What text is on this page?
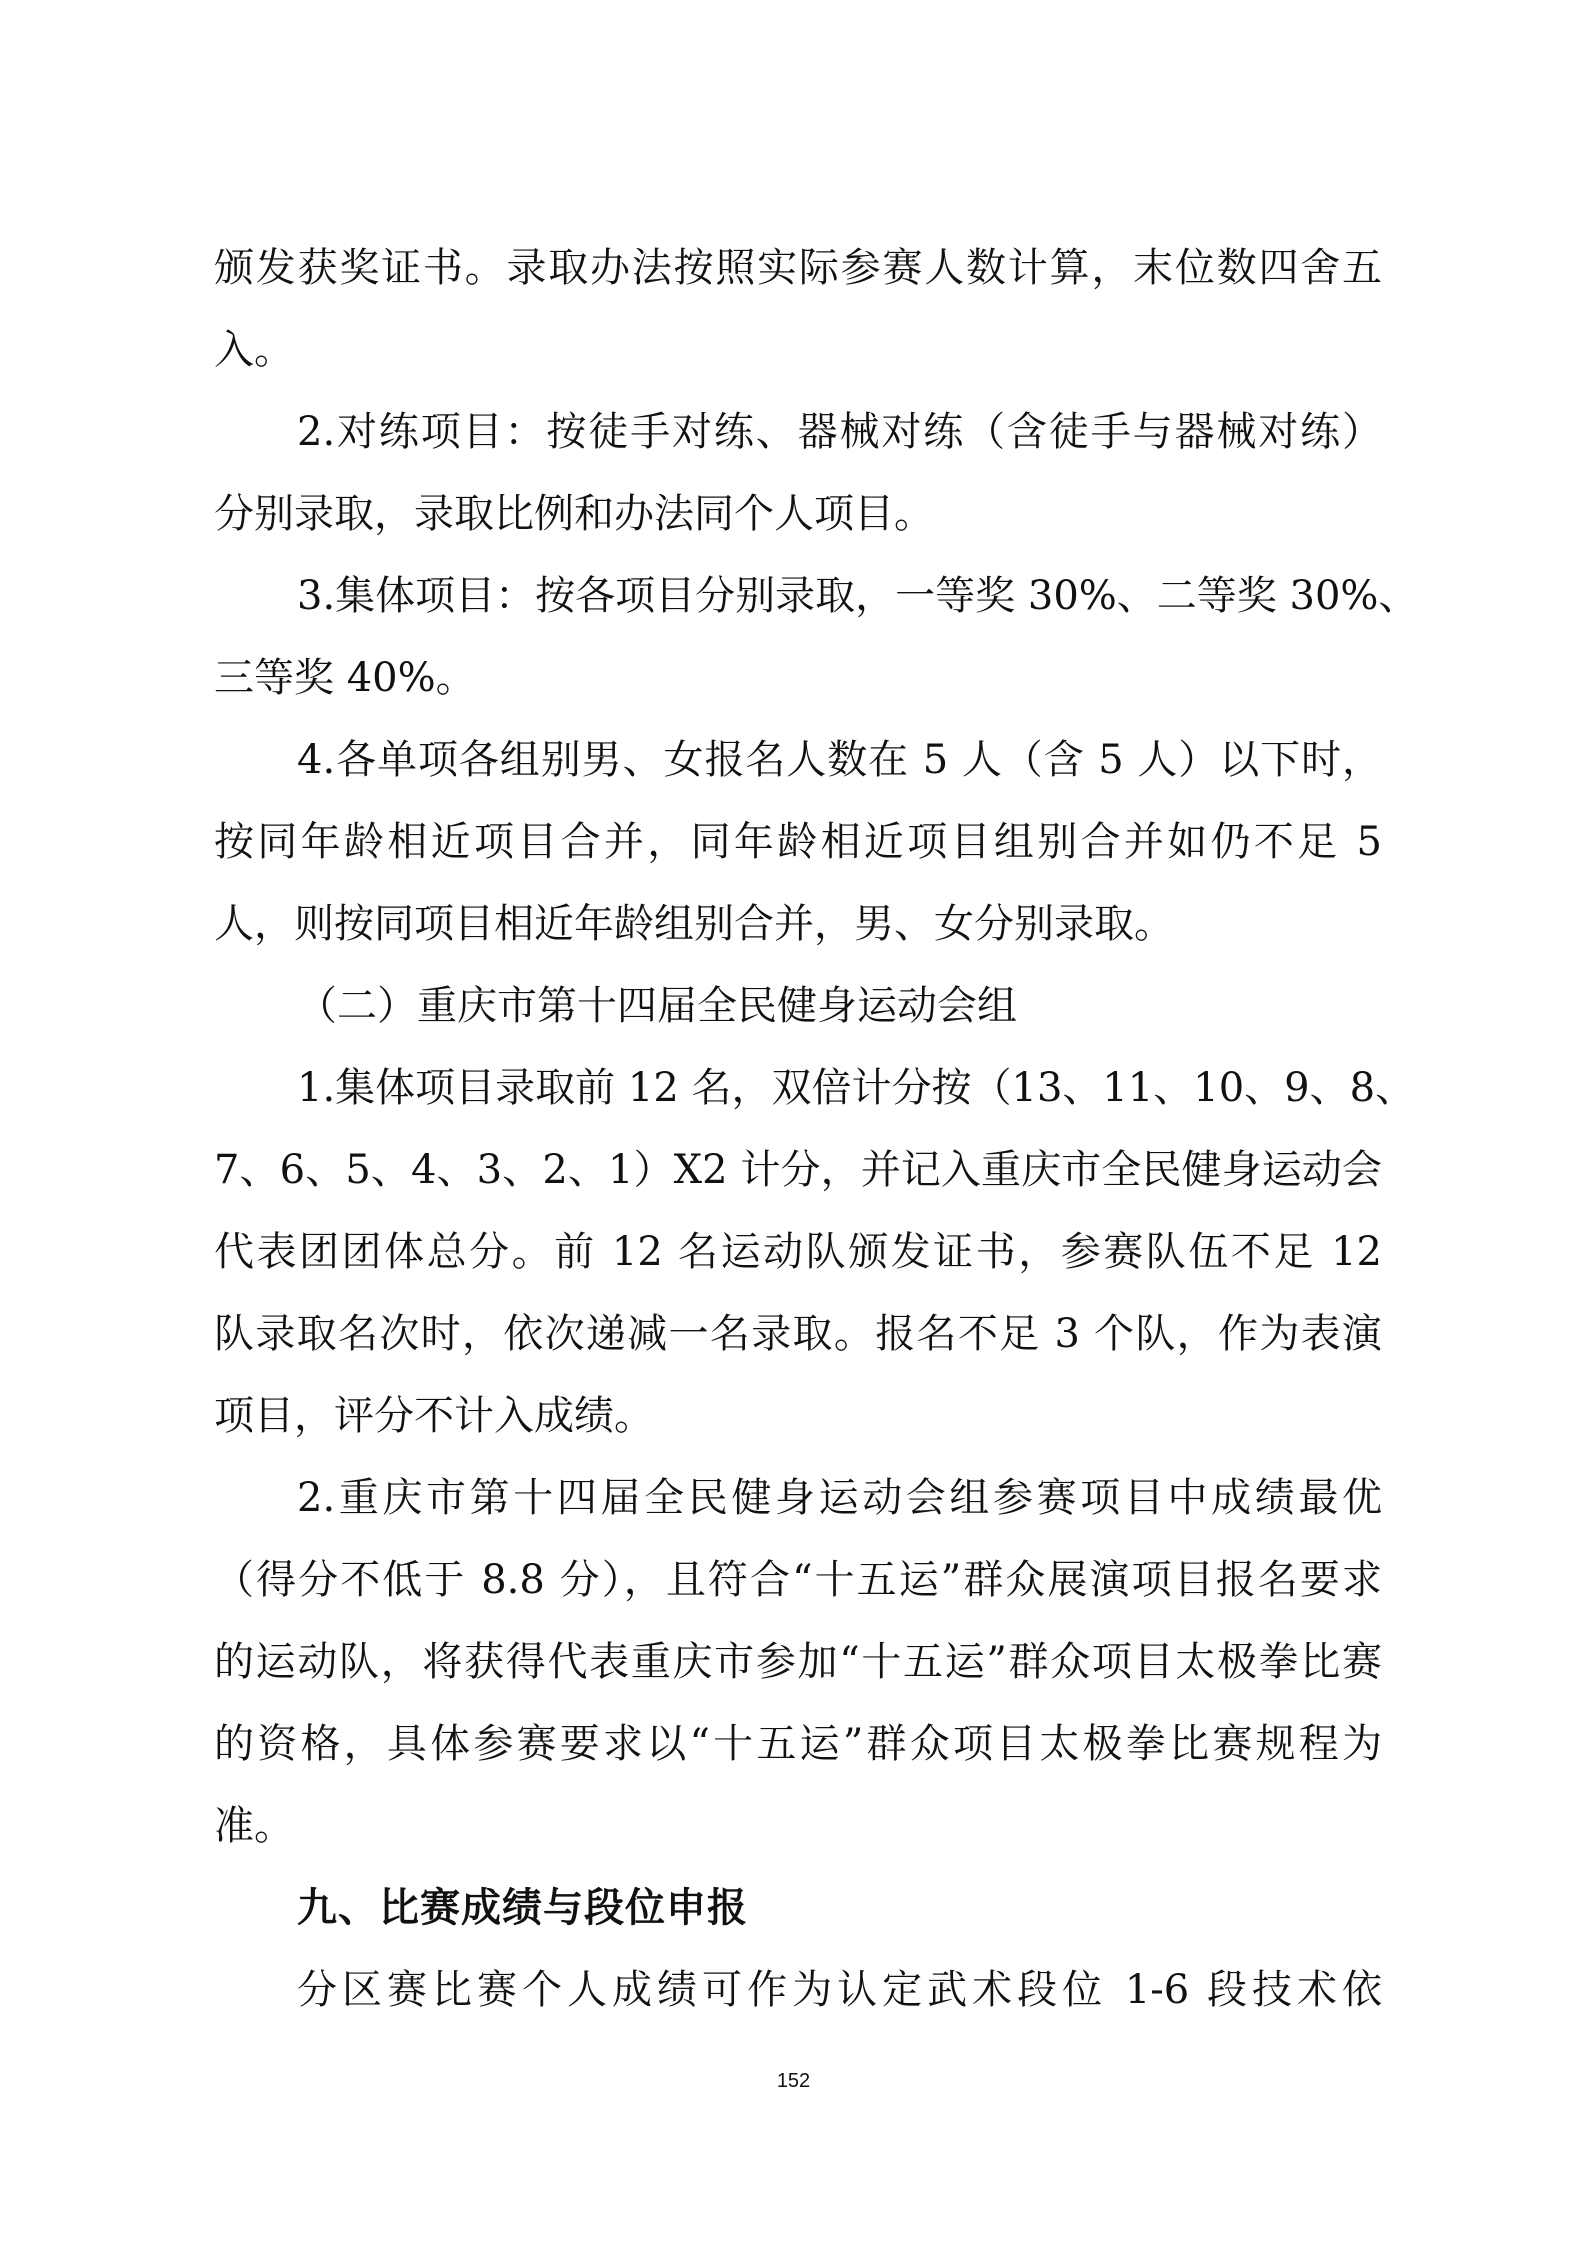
颁发获奖证书。录取办法按照实际参赛人数计算，末位数四舍五
入。
2.对练项目：按徒手对练、器械对练（含徒手与器械对练）
分别录取，录取比例和办法同个人项目。
3.集体项目：按各项目分别录取，一等奖 30%、二等奖 30%、
三等奖 40%。
4.各单项各组别男、女报名人数在 5 人（含 5 人）以下时，
按同年龄相近项目合并，同年龄相近项目组别合并如仍不足 5
人，则按同项目相近年龄组别合并，男、女分别录取。
（二）重庆市第十四届全民健身运动会组
1.集体项目录取前 12 名，双倍计分按（13、11、10、9、8、
7、6、5、4、3、2、1）X2 计分，并记入重庆市全民健身运动会
代表团团体总分。前 12 名运动队颁发证书，参赛队伍不足 12
队录取名次时，依次递减一名录取。报名不足 3 个队，作为表演
项目，评分不计入成绩。
2.重庆市第十四届全民健身运动会组参赛项目中成绩最优
（得分不低于 8.8 分），且符合“十五运”群众展演项目报名要求
的运动队，将获得代表重庆市参加“十五运”群众项目太极拳比赛
的资格，具体参赛要求以“十五运”群众项目太极拳比赛规程为
准。
九、比赛成绩与段位申报
分区赛比赛个人成绩可作为认定武术段位 1-6 段技术依
152
